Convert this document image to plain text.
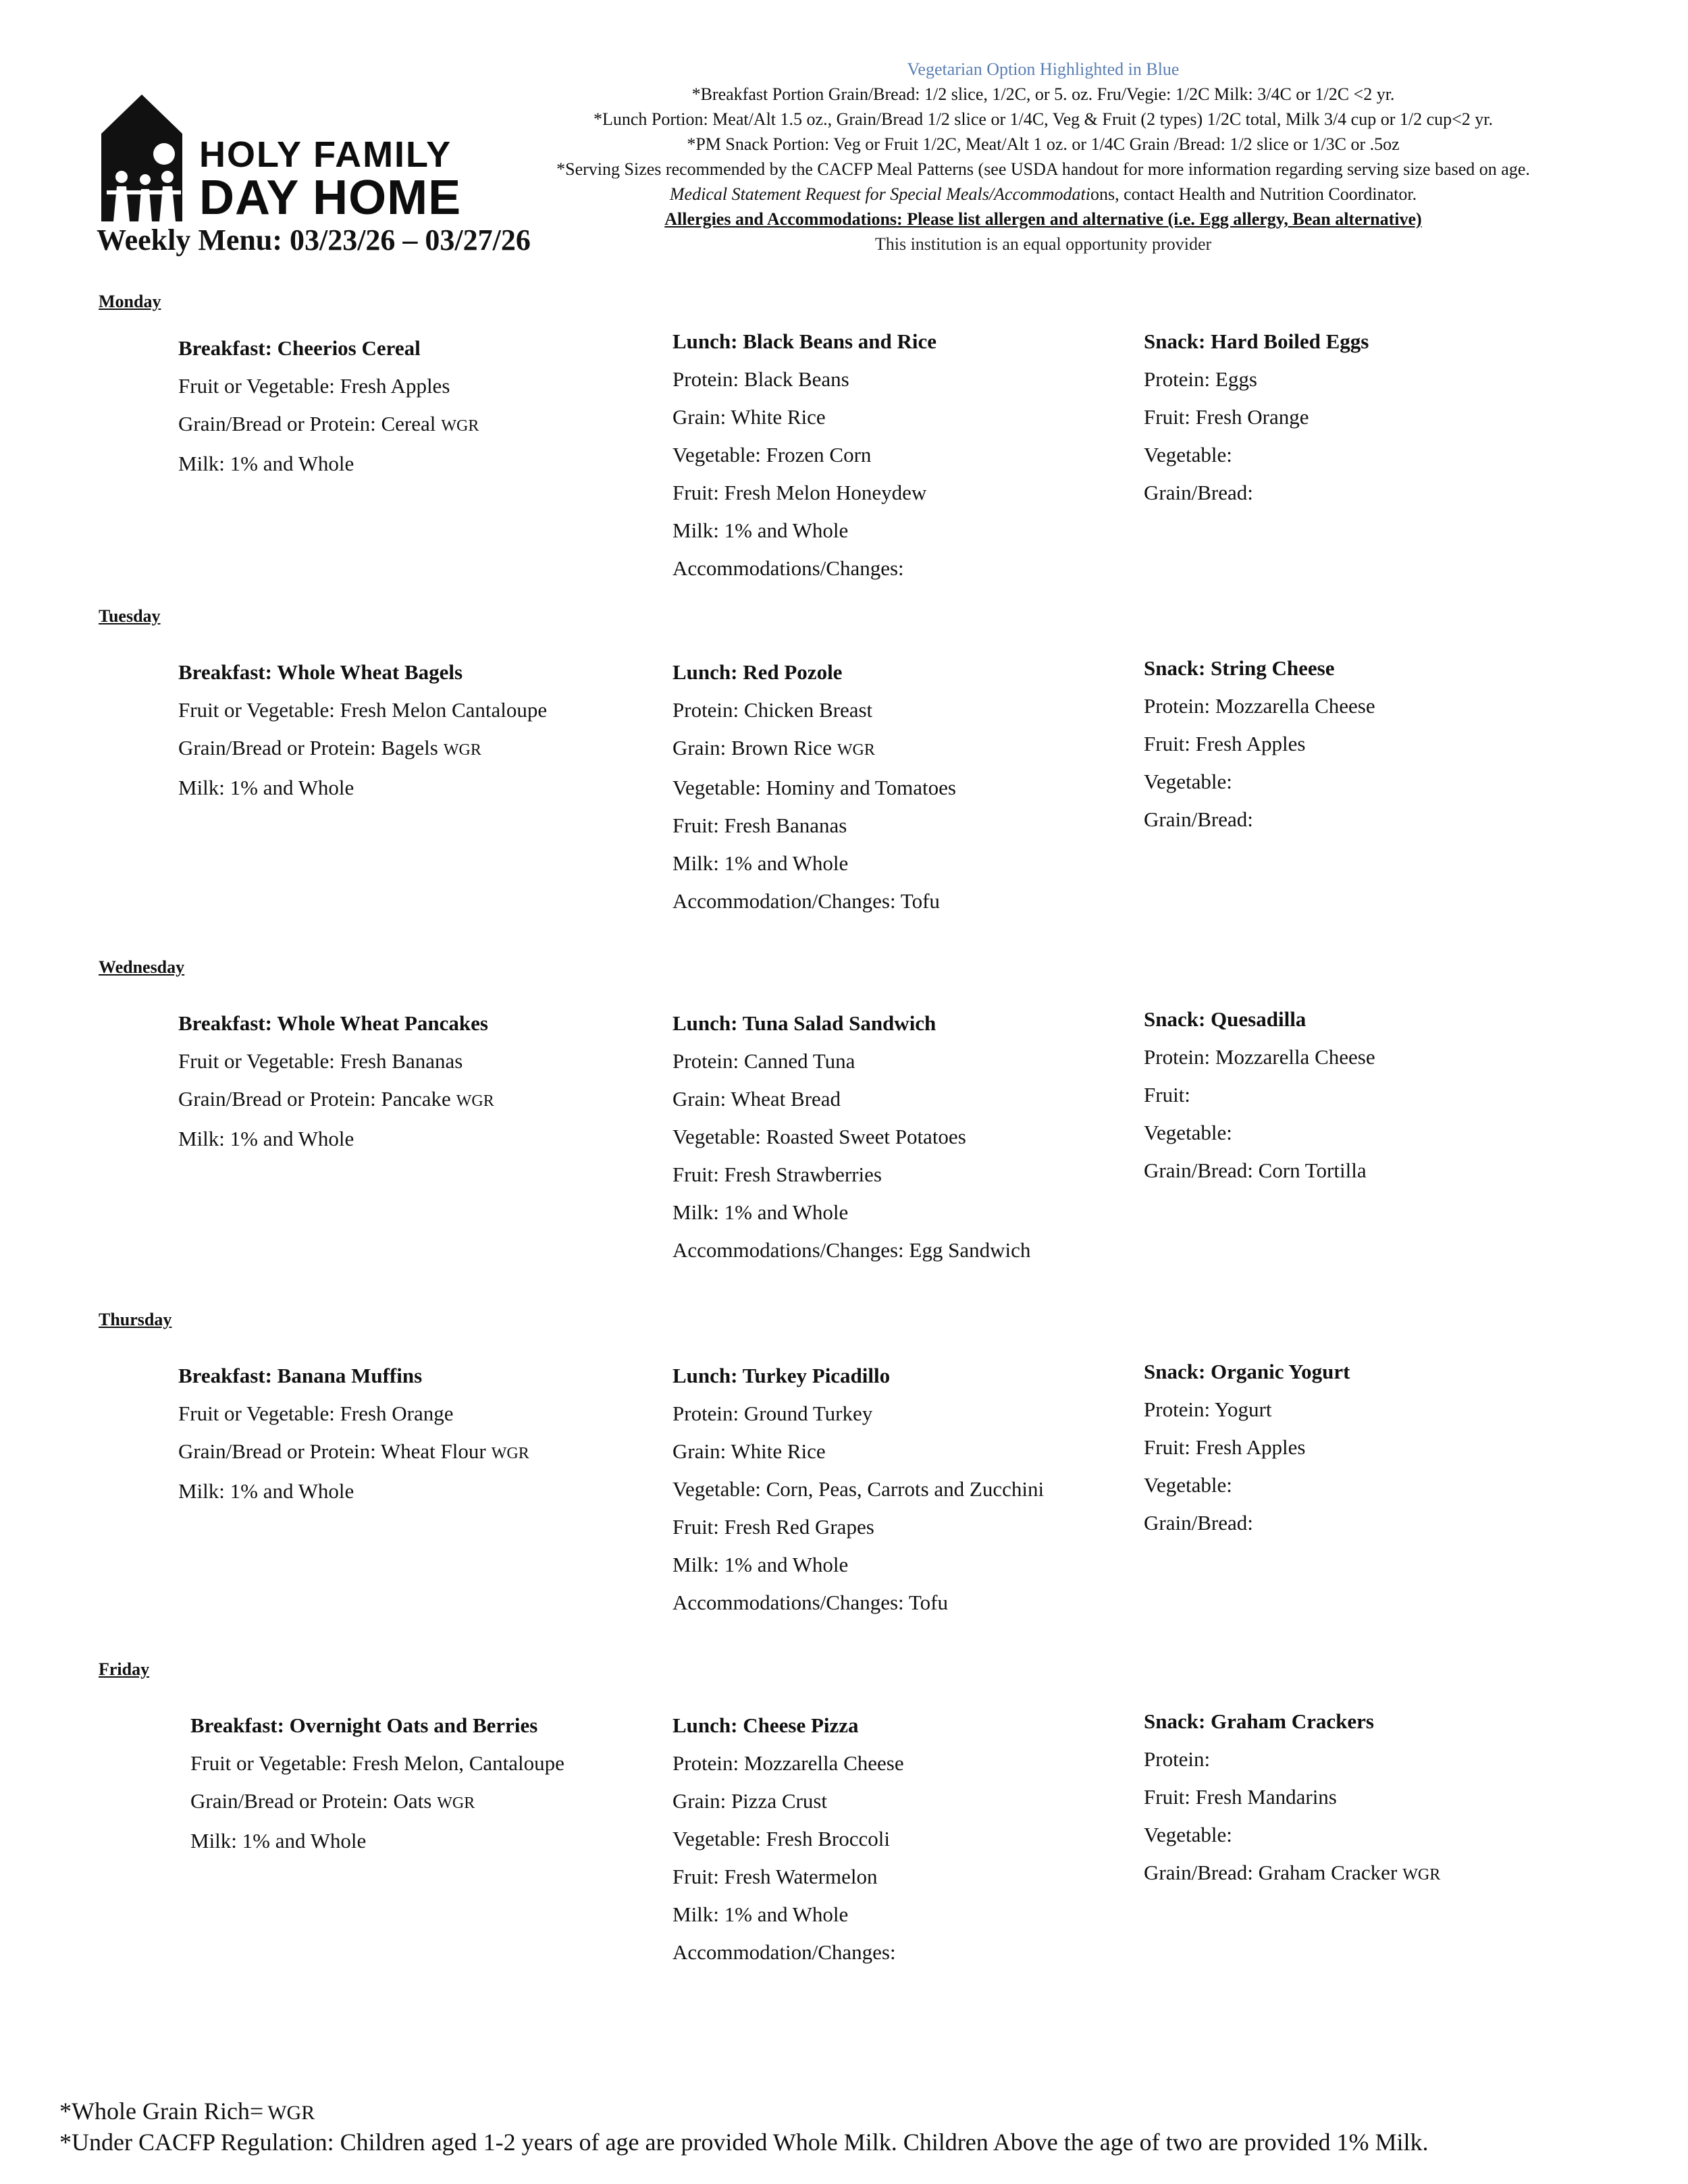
HOLY FAMILY
DAY HOME
Weekly Menu: 03/23/26 – 03/27/26
Vegetarian Option Highlighted in Blue
*Breakfast Portion Grain/Bread: 1/2 slice, 1/2C, or 5. oz. Fru/Vegie: 1/2C Milk: 3/4C or 1/2C <2 yr.
*Lunch Portion: Meat/Alt 1.5 oz., Grain/Bread 1/2 slice or 1/4C, Veg & Fruit (2 types) 1/2C total, Milk 3/4 cup or 1/2 cup<2 yr.
*PM Snack Portion: Veg or Fruit 1/2C, Meat/Alt 1 oz. or 1/4C Grain /Bread: 1/2 slice or 1/3C or .5oz
*Serving Sizes recommended by the CACFP Meal Patterns (see USDA handout for more information regarding serving size based on age. Medical Statement Request for Special Meals/Accommodations, contact Health and Nutrition Coordinator.
Allergies and Accommodations: Please list allergen and alternative (i.e. Egg allergy, Bean alternative)
This institution is an equal opportunity provider
Monday
Breakfast: Cheerios Cereal
Fruit or Vegetable: Fresh Apples
Grain/Bread or Protein: Cereal WGR
Milk: 1% and Whole
Lunch: Black Beans and Rice
Protein: Black Beans
Grain: White Rice
Vegetable: Frozen Corn
Fruit: Fresh Melon Honeydew
Milk: 1% and Whole
Accommodations/Changes:
Snack: Hard Boiled Eggs
Protein: Eggs
Fruit: Fresh Orange
Vegetable:
Grain/Bread:
Tuesday
Breakfast: Whole Wheat Bagels
Fruit or Vegetable: Fresh Melon Cantaloupe
Grain/Bread or Protein: Bagels WGR
Milk: 1% and Whole
Lunch: Red Pozole
Protein: Chicken Breast
Grain: Brown Rice WGR
Vegetable: Hominy and Tomatoes
Fruit: Fresh Bananas
Milk: 1% and Whole
Accommodation/Changes: Tofu
Snack: String Cheese
Protein: Mozzarella Cheese
Fruit: Fresh Apples
Vegetable:
Grain/Bread:
Wednesday
Breakfast: Whole Wheat Pancakes
Fruit or Vegetable: Fresh Bananas
Grain/Bread or Protein: Pancake WGR
Milk: 1% and Whole
Lunch: Tuna Salad Sandwich
Protein: Canned Tuna
Grain: Wheat Bread
Vegetable: Roasted Sweet Potatoes
Fruit: Fresh Strawberries
Milk: 1% and Whole
Accommodations/Changes: Egg Sandwich
Snack: Quesadilla
Protein: Mozzarella Cheese
Fruit:
Vegetable:
Grain/Bread: Corn Tortilla
Thursday
Breakfast: Banana Muffins
Fruit or Vegetable: Fresh Orange
Grain/Bread or Protein: Wheat Flour WGR
Milk: 1% and Whole
Lunch: Turkey Picadillo
Protein: Ground Turkey
Grain: White Rice
Vegetable: Corn, Peas, Carrots and Zucchini
Fruit: Fresh Red Grapes
Milk: 1% and Whole
Accommodations/Changes: Tofu
Snack: Organic Yogurt
Protein: Yogurt
Fruit: Fresh Apples
Vegetable:
Grain/Bread:
Friday
Breakfast: Overnight Oats and Berries
Fruit or Vegetable: Fresh Melon, Cantaloupe
Grain/Bread or Protein: Oats WGR
Milk: 1% and Whole
Lunch: Cheese Pizza
Protein: Mozzarella Cheese
Grain: Pizza Crust
Vegetable: Fresh Broccoli
Fruit: Fresh Watermelon
Milk: 1% and Whole
Accommodation/Changes:
Snack: Graham Crackers
Protein:
Fruit: Fresh Mandarins
Vegetable:
Grain/Bread: Graham Cracker WGR
*Whole Grain Rich= WGR
*Under CACFP Regulation: Children aged 1-2 years of age are provided Whole Milk. Children Above the age of two are provided 1% Milk.
